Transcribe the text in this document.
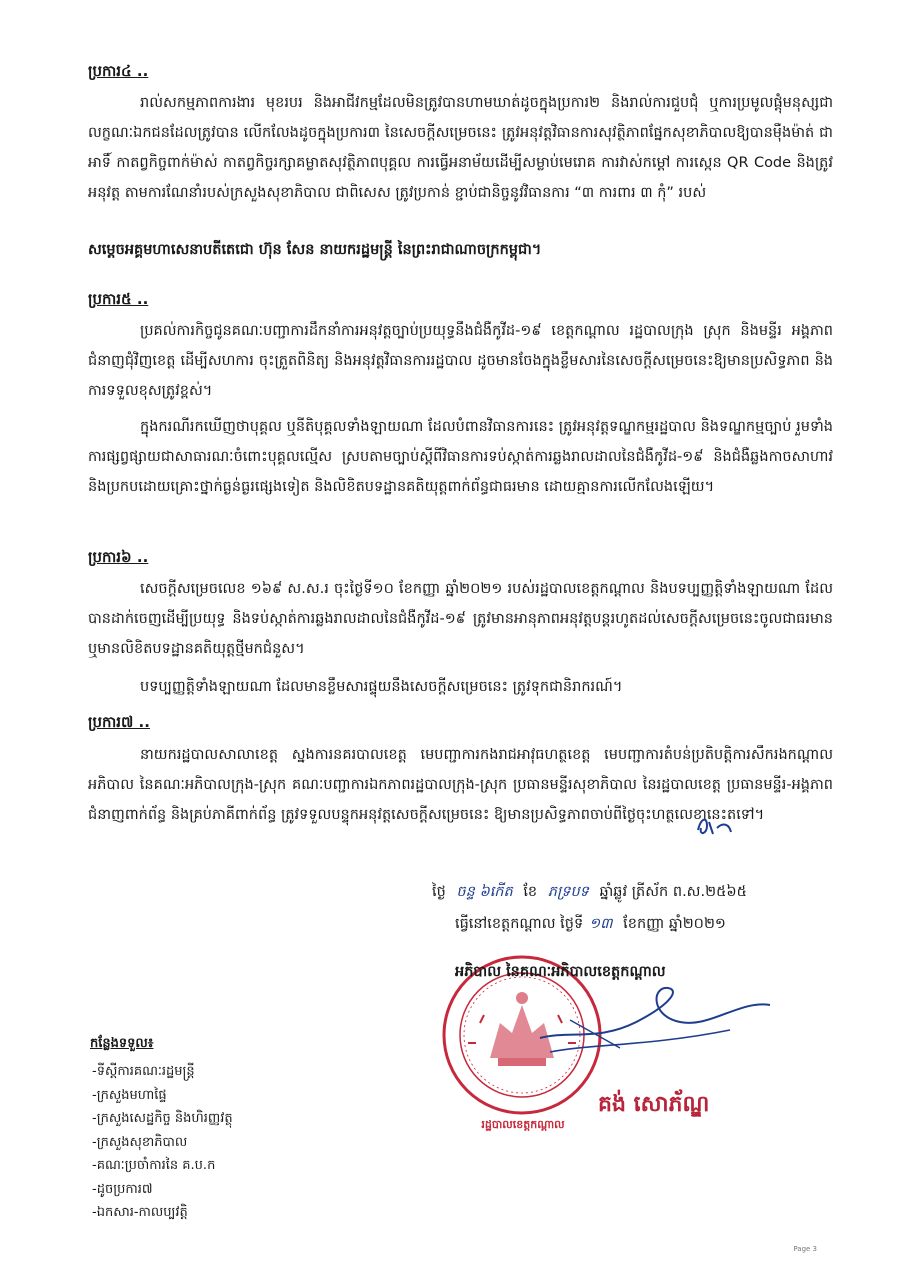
ប្រការ៤ ..
រាល់សកម្មភាពការងារ មុខរបរ និងអាជីវកម្មដែលមិនត្រូវបានហាមឃាត់ដូចក្នុងប្រការ២ និងរាល់ការជួបជុំ ឬការប្រមូលផ្តុំមនុស្សជាលក្ខណៈឯកជនដែលត្រូវបាន លើកលែងដូចក្នុងប្រការ៣ នៃសេចក្តីសម្រេចនេះ ត្រូវអនុវត្តវិធានការសុវត្ថិភាពផ្នែកសុខាភិបាលឱ្យបានម៉ឺងម៉ាត់ ជាអាទិ៍ កាតព្វកិច្ចពាក់ម៉ាស់ កាតព្វកិច្ចរក្សាគម្លាតសុវត្ថិភាពបុគ្គល ការធ្វើអនាម័យដើម្បីសម្លាប់មេរោគ ការវាស់កម្តៅ ការស្កេន QR Code និងត្រូវអនុវត្ត តាមការណែនាំរបស់ក្រសួងសុខាភិបាល ជាពិសេស ត្រូវប្រកាន់ ខ្ជាប់ជានិច្ចនូវវិធានការ “៣ ការពារ ៣ កុំ” របស់
សម្តេចអគ្គមហាសេនាបតីតេជោ ហ៊ុន សែន នាយករដ្ឋមន្ត្រី នៃព្រះរាជាណាចក្រកម្ពុជា។
ប្រការ៥ ..
ប្រគល់ការកិច្ចជូនគណៈបញ្ជាការដឹកនាំការអនុវត្តច្បាប់ប្រយុទ្ធនឹងជំងឺកូវីដ-១៩ ខេត្តកណ្តាល រដ្ឋបាលក្រុង ស្រុក និងមន្ទីរ អង្គភាពជំនាញជុំវិញខេត្ត ដើម្បីសហការ ចុះត្រួតពិនិត្យ និងអនុវត្តវិធានការរដ្ឋបាល ដូចមានចែងក្នុងខ្លឹមសារនៃសេចក្តីសម្រេចនេះឱ្យមានប្រសិទ្ធភាព និង ការទទួលខុសត្រូវខ្ពស់។
ក្នុងករណីរកឃើញថាបុគ្គល ឬនីតិបុគ្គលទាំងឡាយណា ដែលបំពានវិធានការនេះ ត្រូវអនុវត្តទណ្ឌកម្មរដ្ឋបាល និងទណ្ឌកម្មច្បាប់ រួមទាំងការផ្សព្វផ្សាយជាសាធារណៈចំពោះបុគ្គលល្មើស ស្របតាមច្បាប់ស្តីពីវិធានការទប់ស្កាត់ការឆ្លងរាលដាលនៃជំងឺកូវីដ-១៩ និងជំងឺឆ្លងកាចសាហាវ និងប្រកបដោយគ្រោះថ្នាក់ធ្ងន់ធ្ងរផ្សេងទៀត និងលិខិតបទដ្ឋានគតិយុត្តពាក់ព័ន្ធជាធរមាន ដោយគ្មានការលើកលែងឡើយ។
ប្រការ៦ ..
សេចក្តីសម្រេចលេខ ១៦៩ ស.ស.រ ចុះថ្ងៃទី១០ ខែកញ្ញា ឆ្នាំ២០២១ របស់រដ្ឋបាលខេត្តកណ្តាល និងបទប្បញ្ញត្តិទាំងឡាយណា ដែលបានដាក់ចេញដើម្បីប្រយុទ្ធ និងទប់ស្កាត់ការឆ្លងរាលដាលនៃជំងឺកូវីដ-១៩ ត្រូវមានអានុភាពអនុវត្តបន្តរហូតដល់សេចក្តីសម្រេចនេះចូលជាធរមាន ឬមានលិខិតបទដ្ឋានគតិយុត្តថ្មីមកជំនួស។
បទប្បញ្ញត្តិទាំងឡាយណា ដែលមានខ្លឹមសារផ្ទុយនឹងសេចក្តីសម្រេចនេះ ត្រូវទុកជានិរាករណ៍។
ប្រការ៧ ..
នាយករដ្ឋបាលសាលាខេត្ត ស្នងការនគរបាលខេត្ត មេបញ្ជាការកងរាជអាវុធហត្ថខេត្ត មេបញ្ជាការតំបន់ប្រតិបត្តិការសឹករងកណ្តាល អភិបាល នៃគណៈអភិបាលក្រុង-ស្រុក គណៈបញ្ជាការឯកភាពរដ្ឋបាលក្រុង-ស្រុក ប្រធានមន្ទីរសុខាភិបាល នៃរដ្ឋបាលខេត្ត ប្រធានមន្ទីរ-អង្គភាពជំនាញពាក់ព័ន្ធ និងគ្រប់ភាគីពាក់ព័ន្ធ ត្រូវទទួលបន្ទុកអនុវត្តសេចក្តីសម្រេចនេះ ឱ្យមានប្រសិទ្ធភាពចាប់ពីថ្ងៃចុះហត្ថលេខានេះតទៅ។
ថ្ងៃ ចន្ទ ៦កើត ខែ ភទ្របទ ឆ្នាំឆ្លូវ ត្រីស័ក ព.ស.២៥៦៥
ធ្វើនៅខេត្តកណ្តាល ថ្ងៃទី ១៣ ខែកញ្ញា ឆ្នាំ២០២១
រដ្ឋបាលខេត្តកណ្តាល
អភិបាល នៃគណៈអភិបាលខេត្តកណ្តាល
គង់ សោភ័ណ្ឌ
កន្លែងទទួល៖
-ទីស្តីការគណៈរដ្ឋមន្ត្រី
-ក្រសួងមហាផ្ទៃ
-ក្រសួងសេដ្ឋកិច្ច និងហិរញ្ញវត្ថុ
-ក្រសួងសុខាភិបាល
-គណៈប្រចាំការនៃ គ.ប.ក
-ដូចប្រការ៧
-ឯកសារ-កាលប្បវត្តិ
Page 3
